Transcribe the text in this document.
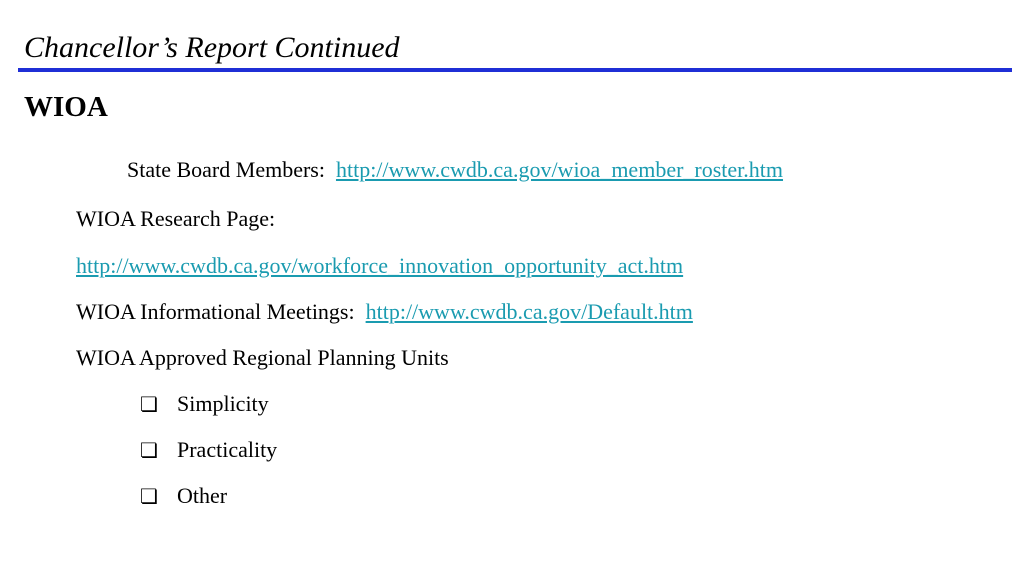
Chancellor’s Report Continued
WIOA
State Board Members: http://www.cwdb.ca.gov/wioa_member_roster.htm
WIOA Research Page:
http://www.cwdb.ca.gov/workforce_innovation_opportunity_act.htm
WIOA Informational Meetings: http://www.cwdb.ca.gov/Default.htm
WIOA Approved Regional Planning Units
❏ Simplicity
❏ Practicality
❏ Other
